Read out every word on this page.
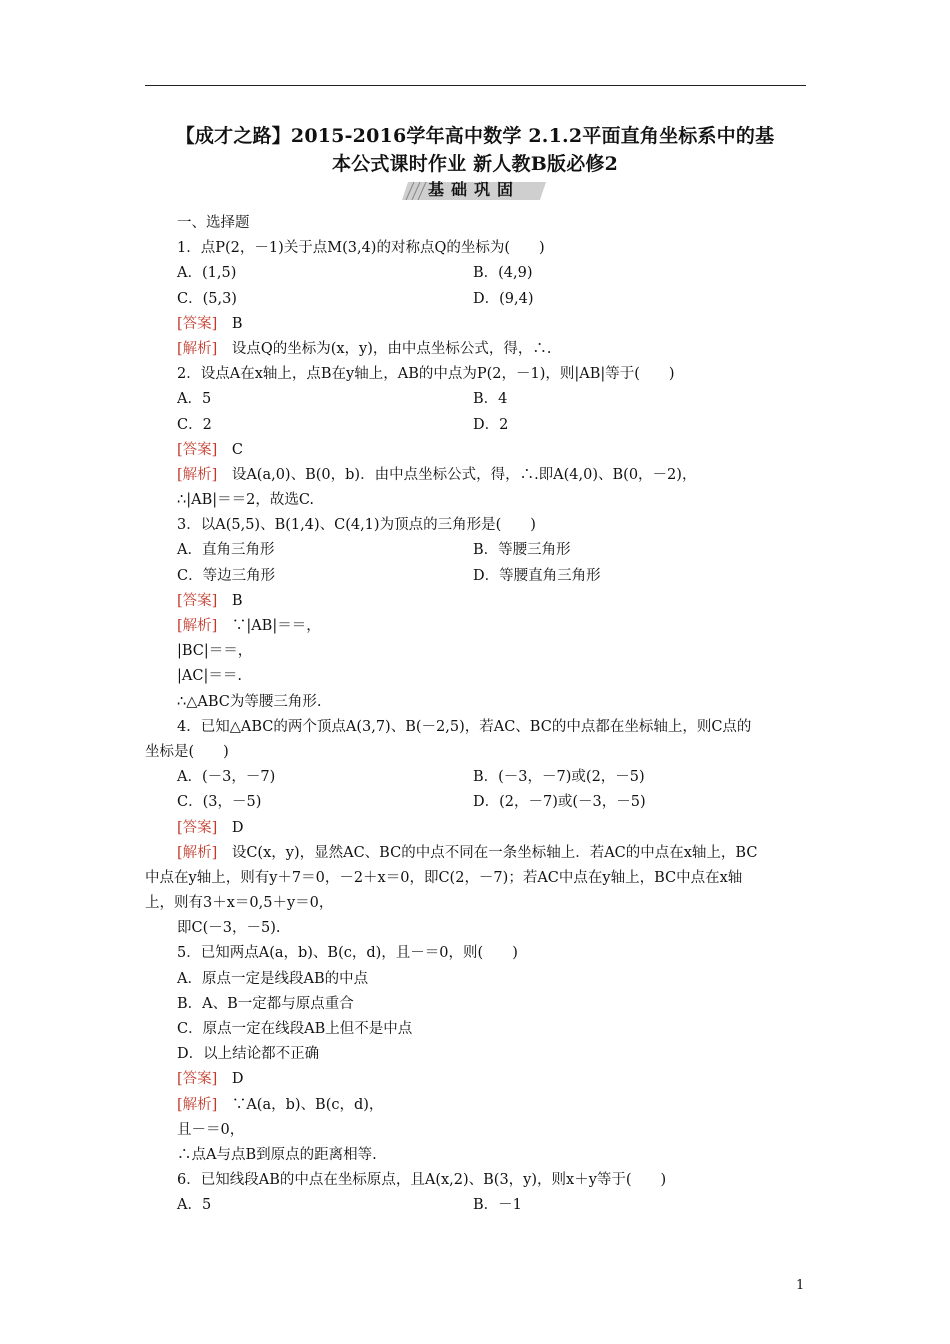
【成才之路】2015-2016学年高中数学 2.1.2平面直角坐标系中的基
本公式课时作业 新人教B版必修2
基础巩固
一、选择题
1．点P(2，－1)关于点M(3,4)的对称点Q的坐标为(　　)
A．(1,5)	B．(4,9)
C．(5,3)	D．(9,4)
[答案]　B
[解析]　设点Q的坐标为(x，y)，由中点坐标公式，得，∴.
2．设点A在x轴上，点B在y轴上，AB的中点为P(2，－1)，则|AB|等于(　　)
A．5	B．4
C．2	D．2
[答案]　C
[解析]　设A(a,0)、B(0，b)．由中点坐标公式，得，∴.即A(4,0)、B(0，－2)，
∴|AB|＝＝2，故选C.
3．以A(5,5)、B(1,4)、C(4,1)为顶点的三角形是(　　)
A．直角三角形	B．等腰三角形
C．等边三角形	D．等腰直角三角形
[答案]　B
[解析]　∵|AB|＝＝，
|BC|＝＝，
|AC|＝＝.
∴△ABC为等腰三角形.
4．已知△ABC的两个顶点A(3,7)、B(－2,5)，若AC、BC的中点都在坐标轴上，则C点的
坐标是(　　)
A．(－3，－7)	B．(－3，－7)或(2，－5)
C．(3，－5)	D．(2，－7)或(－3，－5)
[答案]　D
[解析]　设C(x，y)，显然AC、BC的中点不同在一条坐标轴上．若AC的中点在x轴上，BC
中点在y轴上，则有y＋7＝0，－2＋x＝0，即C(2，－7)；若AC中点在y轴上，BC中点在x轴
上，则有3＋x＝0,5＋y＝0，
即C(－3，－5).
5．已知两点A(a，b)、B(c，d)，且－＝0，则(　　)
A．原点一定是线段AB的中点
B．A、B一定都与原点重合
C．原点一定在线段AB上但不是中点
D．以上结论都不正确
[答案]　D
[解析]　∵A(a，b)、B(c，d)，
且－＝0，
∴点A与点B到原点的距离相等.
6．已知线段AB的中点在坐标原点，且A(x,2)、B(3，y)，则x＋y等于(　　)
A．5	B．－1
1
